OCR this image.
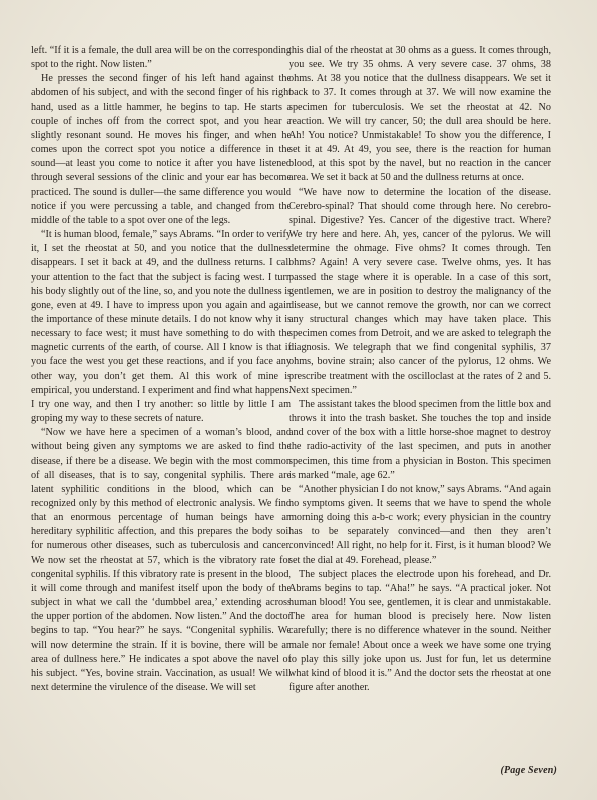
left. “If it is a female, the dull area will be on the corresponding spot to the right. Now listen.”

He presses the second finger of his left hand against the abdomen of his subject, and with the second finger of his right hand, used as a little hammer, he begins to tap. He starts a couple of inches off from the correct spot, and you hear a slightly resonant sound. He moves his finger, and when he comes upon the correct spot you notice a difference in the sound—at least you come to notice it after you have listened through several sessions of the clinic and your ear has become practiced. The sound is duller—the same difference you would notice if you were percussing a table, and changed from the middle of the table to a spot over one of the legs.

“It is human blood, female,” says Abrams. “In order to verify it, I set the rheostat at 50, and you notice that the dullness disappears. I set it back at 49, and the dullness returns. I call your attention to the fact that the subject is facing west. I turn his body slightly out of the line, so, and you note the dullness is gone, even at 49. I have to impress upon you again and again the importance of these minute details. I do not know why it is necessary to face west; it must have something to do with the magnetic currents of the earth, of course. All I know is that if you face the west you get these reactions, and if you face any other way, you don’t get them. Al this work of mine is empirical, you understand. I experiment and find what happens. I try one way, and then I try another: so little by little I am groping my way to these secrets of nature.

“Now we have here a specimen of a woman’s blood, and without being given any symptoms we are asked to find the disease, if there be a disease. We begin with the most common of all diseases, that is to say, congenital syphilis. There are latent syphilitic conditions in the blood, which can be recognized only by this method of electronic analysis. We find that an enormous percentage of human beings have an hereditary syphilitic affection, and this prepares the body soil for numerous other diseases, such as tuberculosis and cancer. We now set the rheostat at 57, which is the vibratory rate for congenital syphilis. If this vibratory rate is present in the blood, it will come through and manifest itself upon the body of the subject in what we call the ‘dumbbel area,’ extending across the upper portion of the abdomen. Now listen.” And the doctor begins to tap. “You hear?” he says. “Congenital syphilis. We will now determine the strain. If it is bovine, there will be an area of dullness here.” He indicates a spot above the navel of his subject. “Yes, bovine strain. Vaccination, as usual! We will next determine the virulence of the disease. We will set

this dial of the rheostat at 30 ohms as a guess. It comes through, you see. We try 35 ohms. A very severe case. 37 ohms, 38 ohms. At 38 you notice that the dullness disappears. We set it back to 37. It comes through at 37. We will now examine the specimen for tuberculosis. We set the rheostat at 42. No reaction. We will try cancer, 50; the dull area should be here. Ah! You notice? Unmistakable! To show you the difference, I set it at 49. At 49, you see, there is the reaction for human blood, at this spot by the navel, but no reaction in the cancer area. We set it back at 50 and the dullness returns at once.

“We have now to determine the location of the disease. Cerebro-spinal? That should come through here. No cerebro-spinal. Digestive? Yes. Cancer of the digestive tract. Where? We try here and here. Ah, yes, cancer of the pylorus. We will determine the ohmage. Five ohms? It comes through. Ten ohms? Again! A very severe case. Twelve ohms, yes. It has passed the stage where it is operable. In a case of this sort, gentlemen, we are in position to destroy the malignancy of the disease, but we cannot remove the growth, nor can we correct any structural changes which may have taken place. This specimen comes from Detroit, and we are asked to telegraph the diagnosis. We telegraph that we find congenital syphilis, 37 ohms, bovine strain; also cancer of the pylorus, 12 ohms. We prescribe treatment with the oscilloclast at the rates of 2 and 5. Next specimen.”

The assistant takes the blood specimen from the little box and throws it into the trash basket. She touches the top and inside and cover of the box with a little horse-shoe magnet to destroy the radio-activity of the last specimen, and puts in another specimen, this time from a physician in Boston. This specimen is marked “male, age 62.”

“Another physician I do not know,” says Abrams. “And again no symptoms given. It seems that we have to spend the whole morning doing this a-b-c work; every physician in the country has to be separately convinced—and then they aren’t convinced! All right, no help for it. First, is it human blood? We set the dial at 49. Forehead, please.”

The subject places the electrode upon his forehead, and Dr. Abrams begins to tap. “Aha!” he says. “A practical joker. Not human blood! You see, gentlemen, it is clear and unmistakable. The area for human blood is precisely here. Now listen carefully; there is no difference whatever in the sound. Neither male nor female! About once a week we have some one trying to play this silly joke upon us. Just for fun, let us determine what kind of blood it is.” And the doctor sets the rheostat at one figure after another.

(Page Seven)
